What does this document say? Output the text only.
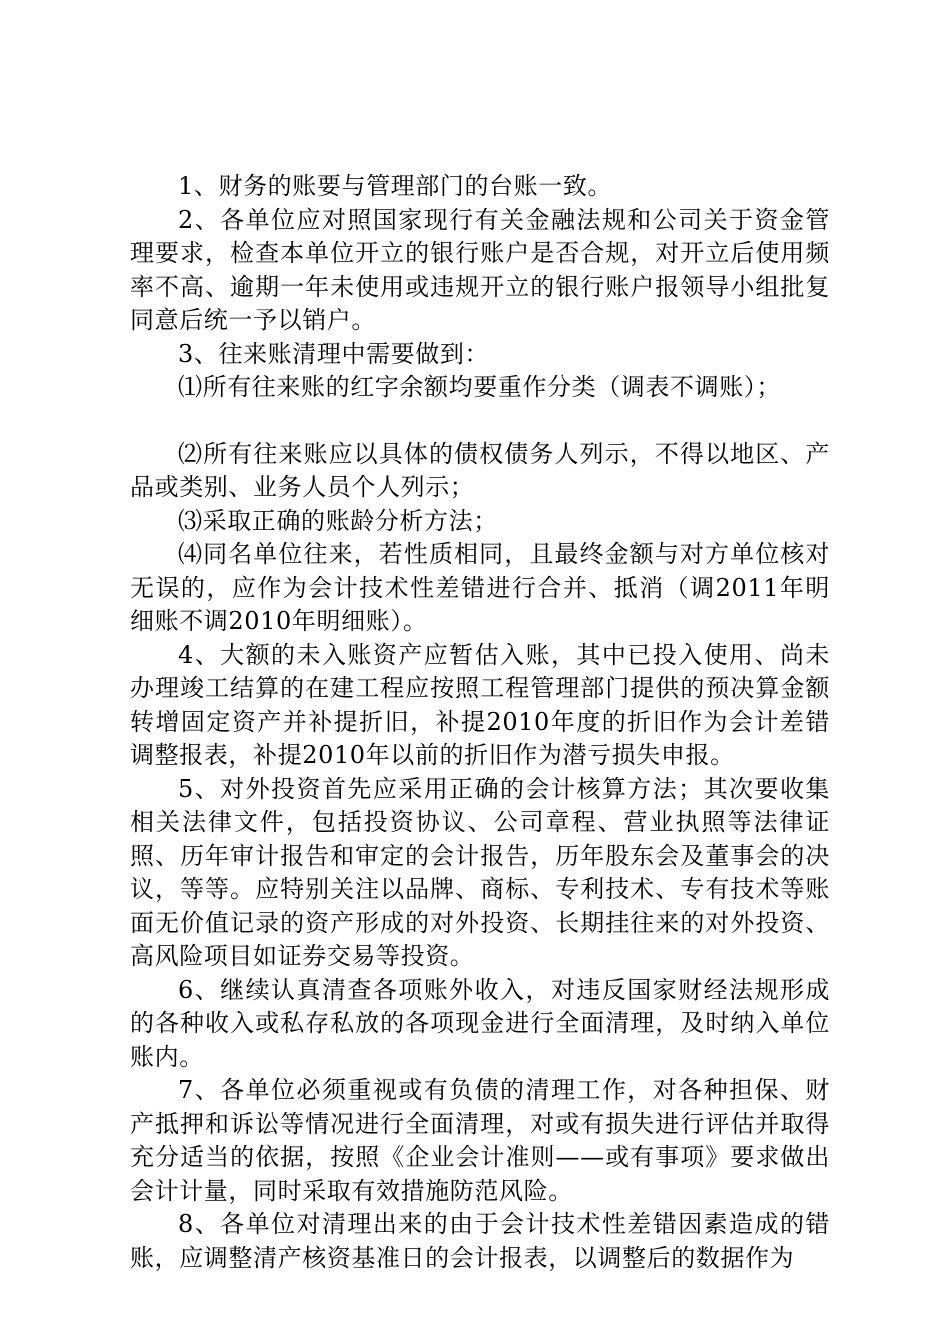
1、财务的账要与管理部门的台账一致。

2、各单位应对照国家现行有关金融法规和公司关于资金管理要求，检查本单位开立的银行账户是否合规，对开立后使用频率不高、逾期一年未使用或违规开立的银行账户报领导小组批复同意后统一予以销户。

3、往来账清理中需要做到：

⑴所有往来账的红字余额均要重作分类（调表不调账）；

⑵所有往来账应以具体的债权债务人列示，不得以地区、产品或类别、业务人员个人列示；

⑶采取正确的账龄分析方法；

⑷同名单位往来，若性质相同，且最终金额与对方单位核对无误的，应作为会计技术性差错进行合并、抵消（调2011年明细账不调2010年明细账）。

4、大额的未入账资产应暂估入账，其中已投入使用、尚未办理竣工结算的在建工程应按照工程管理部门提供的预决算金额转增固定资产并补提折旧，补提2010年度的折旧作为会计差错调整报表，补提2010年以前的折旧作为潜亏损失申报。

5、对外投资首先应采用正确的会计核算方法；其次要收集相关法律文件，包括投资协议、公司章程、营业执照等法律证照、历年审计报告和审定的会计报告，历年股东会及董事会的决议，等等。应特别关注以品牌、商标、专利技术、专有技术等账面无价值记录的资产形成的对外投资、长期挂往来的对外投资、高风险项目如证券交易等投资。

6、继续认真清查各项账外收入，对违反国家财经法规形成的各种收入或私存私放的各项现金进行全面清理，及时纳入单位账内。

7、各单位必须重视或有负债的清理工作，对各种担保、财产抵押和诉讼等情况进行全面清理，对或有损失进行评估并取得充分适当的依据，按照《企业会计准则——或有事项》要求做出会计计量，同时采取有效措施防范风险。

8、各单位对清理出来的由于会计技术性差错因素造成的错账，应调整清产核资基准日的会计报表，以调整后的数据作为
